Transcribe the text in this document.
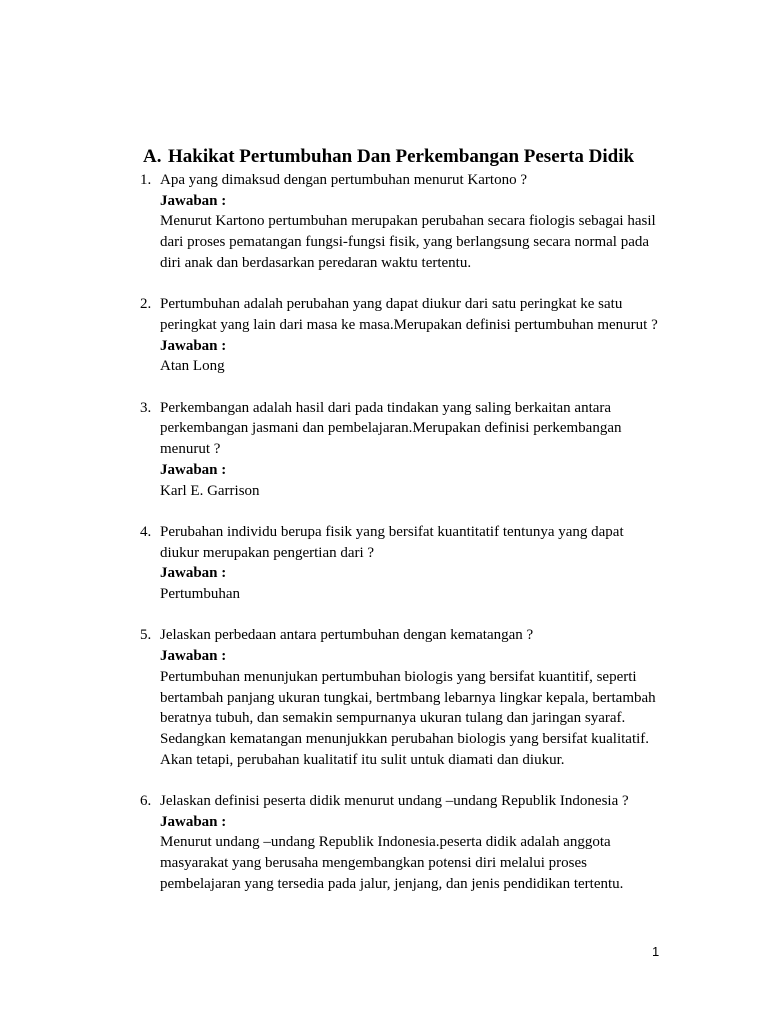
A. Hakikat Pertumbuhan Dan Perkembangan Peserta Didik
1. Apa yang dimaksud dengan pertumbuhan menurut Kartono ?
Jawaban :
Menurut Kartono pertumbuhan merupakan perubahan secara fiologis sebagai hasil dari proses pematangan fungsi-fungsi fisik, yang berlangsung secara normal pada diri anak dan berdasarkan peredaran waktu tertentu.
2. Pertumbuhan adalah perubahan yang dapat diukur dari satu peringkat ke satu peringkat yang lain dari masa ke masa.Merupakan definisi pertumbuhan menurut ?
Jawaban :
Atan Long
3. Perkembangan adalah hasil dari pada tindakan yang saling berkaitan antara perkembangan jasmani dan pembelajaran.Merupakan definisi perkembangan menurut ?
Jawaban :
Karl E. Garrison
4. Perubahan individu berupa fisik yang bersifat kuantitatif tentunya yang dapat diukur merupakan pengertian dari ?
Jawaban :
Pertumbuhan
5. Jelaskan perbedaan antara pertumbuhan dengan kematangan ?
Jawaban :
Pertumbuhan menunjukan pertumbuhan biologis yang bersifat kuantitif, seperti bertambah panjang ukuran tungkai, bertmbang lebarnya lingkar kepala, bertambah beratnya tubuh, dan semakin sempurnanya ukuran tulang dan jaringan syaraf. Sedangkan kematangan menunjukkan perubahan biologis yang bersifat kualitatif. Akan tetapi, perubahan kualitatif itu sulit untuk diamati dan diukur.
6. Jelaskan definisi peserta didik menurut undang –undang Republik Indonesia ?
Jawaban :
Menurut undang –undang Republik Indonesia.peserta didik adalah anggota masyarakat yang berusaha mengembangkan potensi diri melalui proses pembelajaran yang tersedia pada jalur, jenjang, dan jenis pendidikan tertentu.
1
